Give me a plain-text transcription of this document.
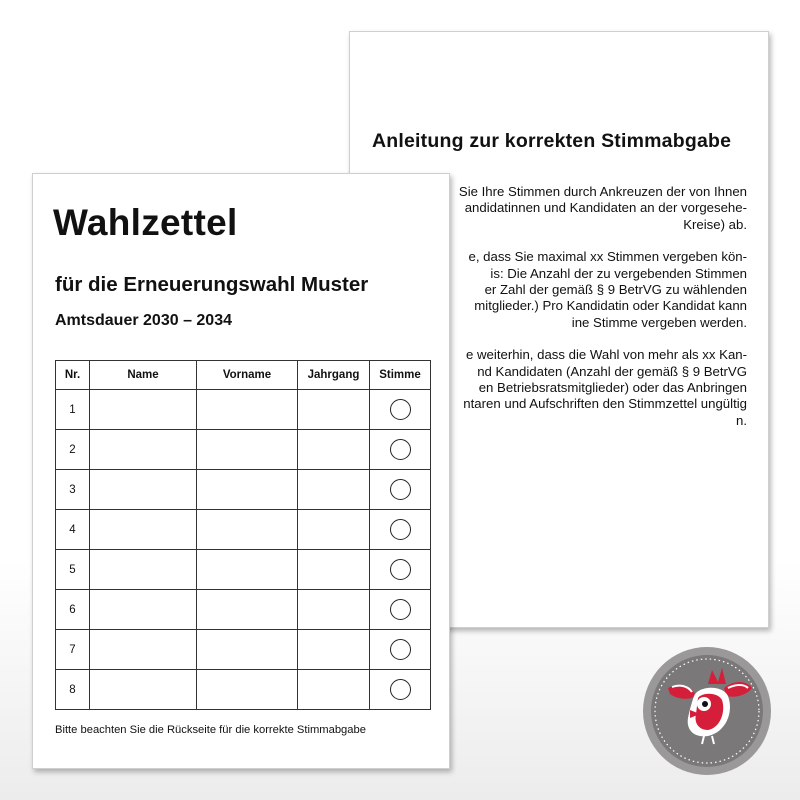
Anleitung zur korrekten Stimmabgabe

Sie Ihre Stimmen durch Ankreuzen der von Ihnen
andidatinnen und Kandidaten an der vorgesehe-
Kreise) ab.

e, dass Sie maximal xx Stimmen vergeben kön-
is: Die Anzahl der zu vergebenden Stimmen
er Zahl der gemäß § 9 BetrVG zu wählenden
mitglieder.) Pro Kandidatin oder Kandidat kann
ine Stimme vergeben werden.

e weiterhin, dass die Wahl von mehr als xx Kan-
nd Kandidaten (Anzahl der gemäß § 9 BetrVG
en Betriebsratsmitglieder) oder das Anbringen
ntaren und Aufschriften den Stimmzettel ungültig
n.

Wahlzettel
für die Erneuerungswahl Muster
Amtsdauer 2030 – 2034
Nr.	Name	Vorname	Jahrgang	Stimme
1				
2				
3				
4				
5				
6				
7				
8				

Bitte beachten Sie die Rückseite für die korrekte Stimmabgabe
